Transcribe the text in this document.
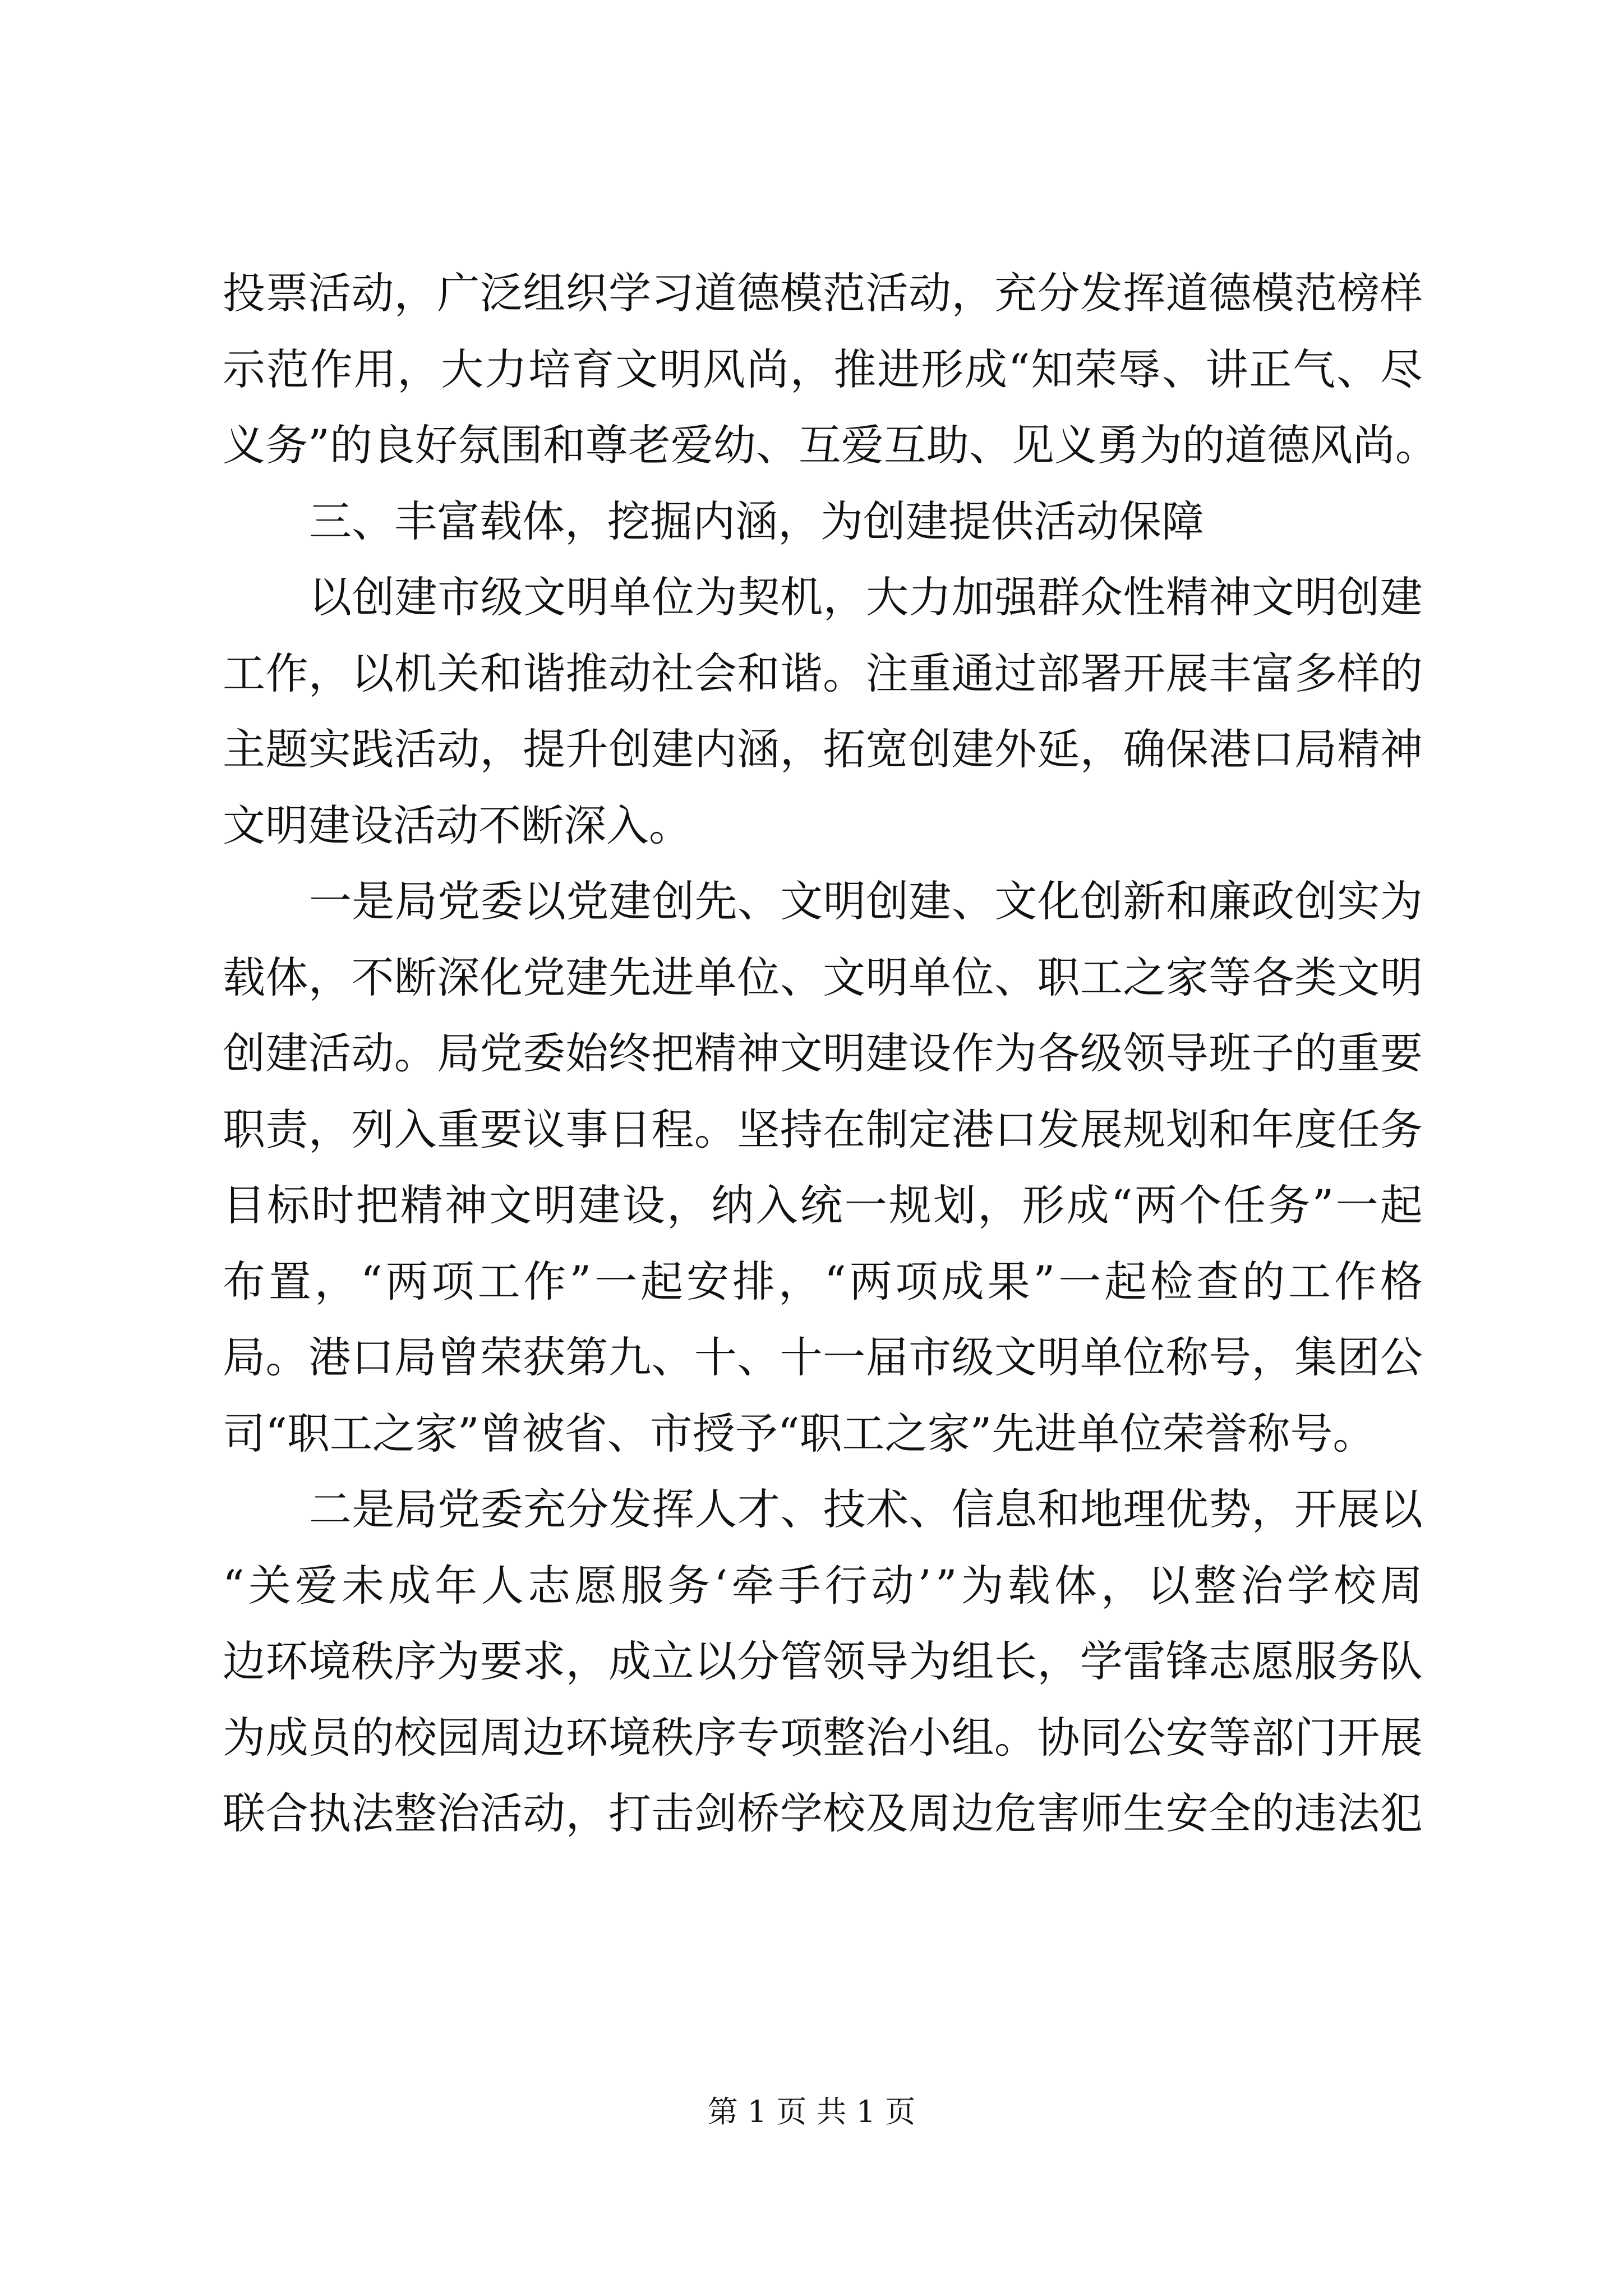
投 票 活 动 ， 广 泛 组 织 学 习 道 德 模 范 活 动 ， 充 分 发 挥 道 德 模 范 榜 样
示 范 作 用 ， 大 力 培 育 文 明 风 尚 ， 推 进 形 成 “ 知 荣 辱 、 讲 正 气 、 尽
义 务 ” 的 良 好 氛 围 和 尊 老 爱 幼 、 互 爱 互 助 、 见 义 勇 为 的 道 德 风 尚 。
三、丰富载体，挖掘内涵，为创建提供活动保障
以 创 建 市 级 文 明 单 位 为 契 机 ， 大 力 加 强 群 众 性 精 神 文 明 创 建
工 作 ， 以 机 关 和 谐 推 动 社 会 和 谐 。 注 重 通 过 部 署 开 展 丰 富 多 样 的
主 题 实 践 活 动 ， 提 升 创 建 内 涵 ， 拓 宽 创 建 外 延 ， 确 保 港 口 局 精 神
文明建设活动不断深入。
一 是 局 党 委 以 党 建 创 先 、 文 明 创 建 、 文 化 创 新 和 廉 政 创 实 为
载 体 ， 不 断 深 化 党 建 先 进 单 位 、 文 明 单 位 、 职 工 之 家 等 各 类 文 明
创 建 活 动 。 局 党 委 始 终 把 精 神 文 明 建 设 作 为 各 级 领 导 班 子 的 重 要
职 责 ， 列 入 重 要 议 事 日 程 。 坚 持 在 制 定 港 口 发 展 规 划 和 年 度 任 务
目 标 时 把 精 神 文 明 建 设 ， 纳 入 统 一 规 划 ， 形 成 “ 两 个 任 务 ” 一 起
布 置 ， “ 两 项 工 作 ” 一 起 安 排 ， “ 两 项 成 果 ” 一 起 检 查 的 工 作 格
局 。 港 口 局 曾 荣 获 第 九 、 十 、 十 一 届 市 级 文 明 单 位 称 号 ， 集 团 公
司“职工之家”曾被省、市授予“职工之家”先进单位荣誉称号。
二 是 局 党 委 充 分 发 挥 人 才 、 技 术 、 信 息 和 地 理 优 势 ， 开 展 以
“ 关 爱 未 成 年 人 志 愿 服 务 ‘ 牵 手 行 动 ’ ” 为 载 体 ， 以 整 治 学 校 周
边 环 境 秩 序 为 要 求 ， 成 立 以 分 管 领 导 为 组 长 ， 学 雷 锋 志 愿 服 务 队
为 成 员 的 校 园 周 边 环 境 秩 序 专 项 整 治 小 组 。 协 同 公 安 等 部 门 开 展
联 合 执 法 整 治 活 动 ， 打 击 剑 桥 学 校 及 周 边 危 害 师 生 安 全 的 违 法 犯
第 1 页 共 1 页
